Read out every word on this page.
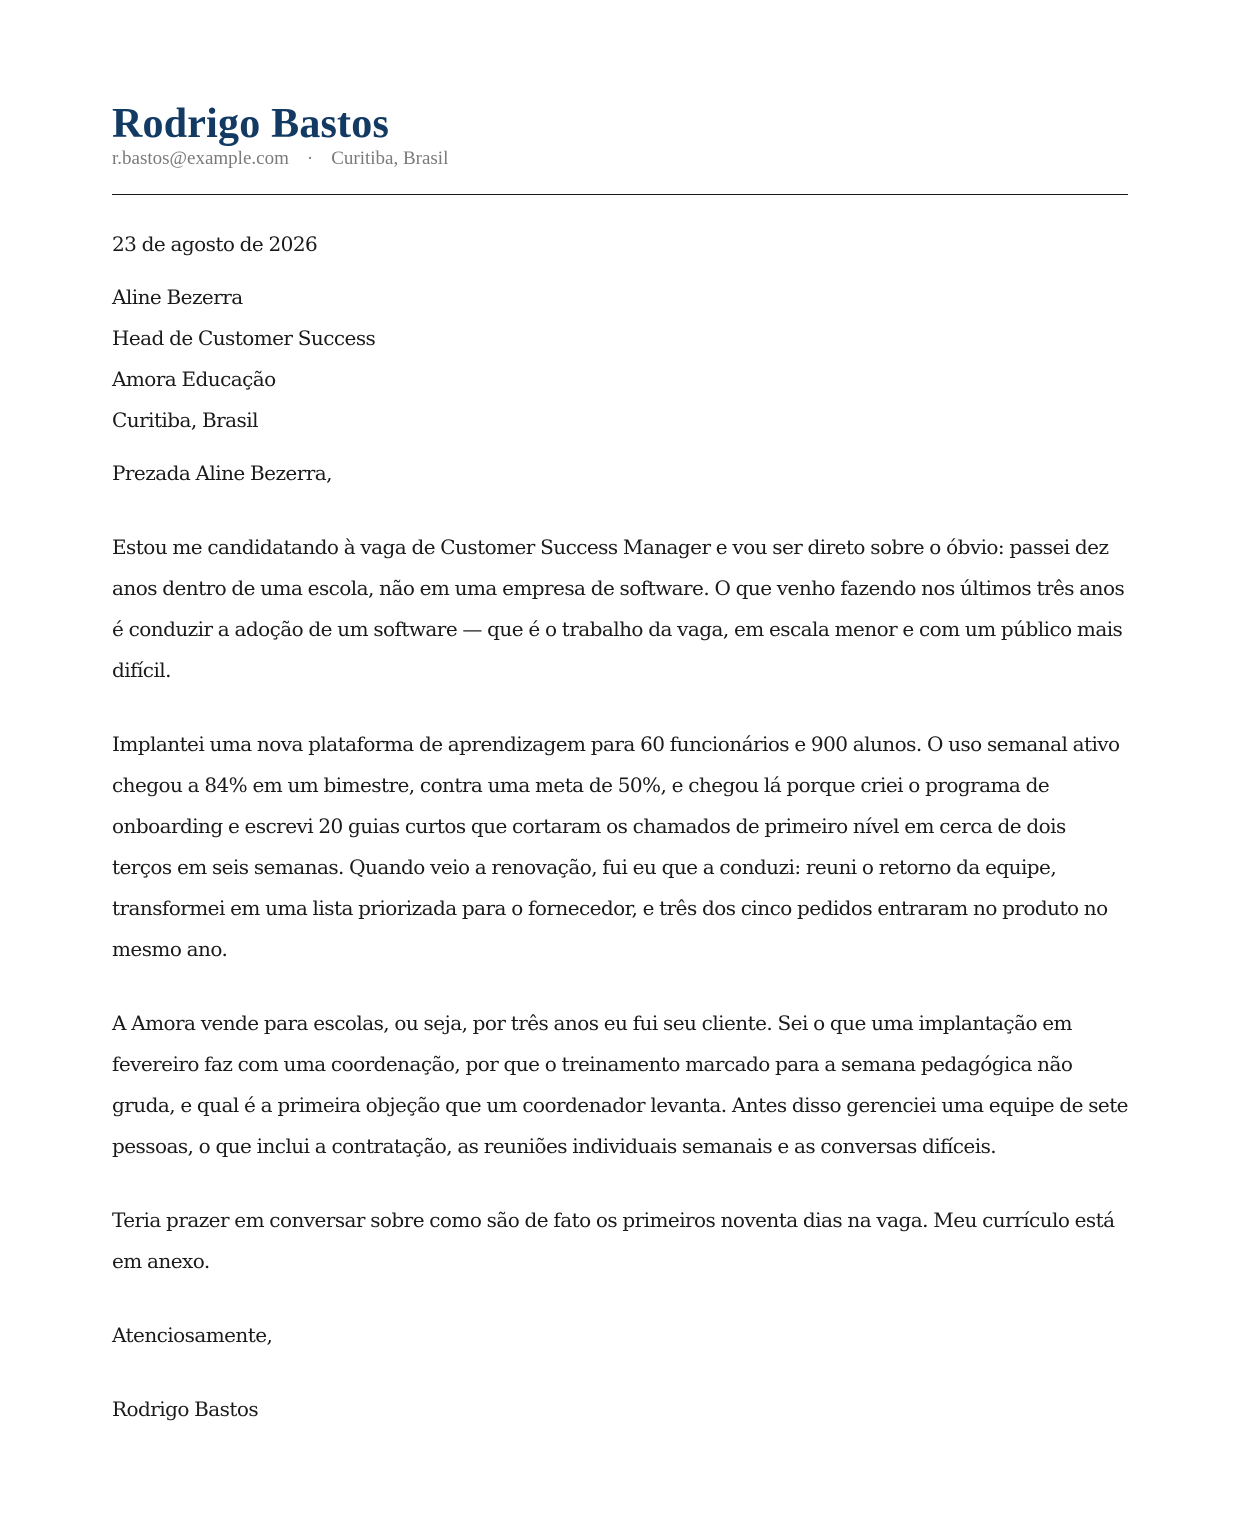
Rodrigo Bastos
r.bastos@example.com · Curitiba, Brasil
23 de agosto de 2026
Aline Bezerra
Head de Customer Success
Amora Educação
Curitiba, Brasil
Prezada Aline Bezerra,

Estou me candidatando à vaga de Customer Success Manager e vou ser direto sobre o óbvio: passei dez anos dentro de uma escola, não em uma empresa de software. O que venho fazendo nos últimos três anos é conduzir a adoção de um software — que é o trabalho da vaga, em escala menor e com um público mais difícil.

Implantei uma nova plataforma de aprendizagem para 60 funcionários e 900 alunos. O uso semanal ativo chegou a 84% em um bimestre, contra uma meta de 50%, e chegou lá porque criei o programa de onboarding e escrevi 20 guias curtos que cortaram os chamados de primeiro nível em cerca de dois terços em seis semanas. Quando veio a renovação, fui eu que a conduzi: reuni o retorno da equipe, transformei em uma lista priorizada para o fornecedor, e três dos cinco pedidos entraram no produto no mesmo ano.

A Amora vende para escolas, ou seja, por três anos eu fui seu cliente. Sei o que uma implantação em fevereiro faz com uma coordenação, por que o treinamento marcado para a semana pedagógica não gruda, e qual é a primeira objeção que um coordenador levanta. Antes disso gerenciei uma equipe de sete pessoas, o que inclui a contratação, as reuniões individuais semanais e as conversas difíceis.

Teria prazer em conversar sobre como são de fato os primeiros noventa dias na vaga. Meu currículo está em anexo.

Atenciosamente,
Rodrigo Bastos
